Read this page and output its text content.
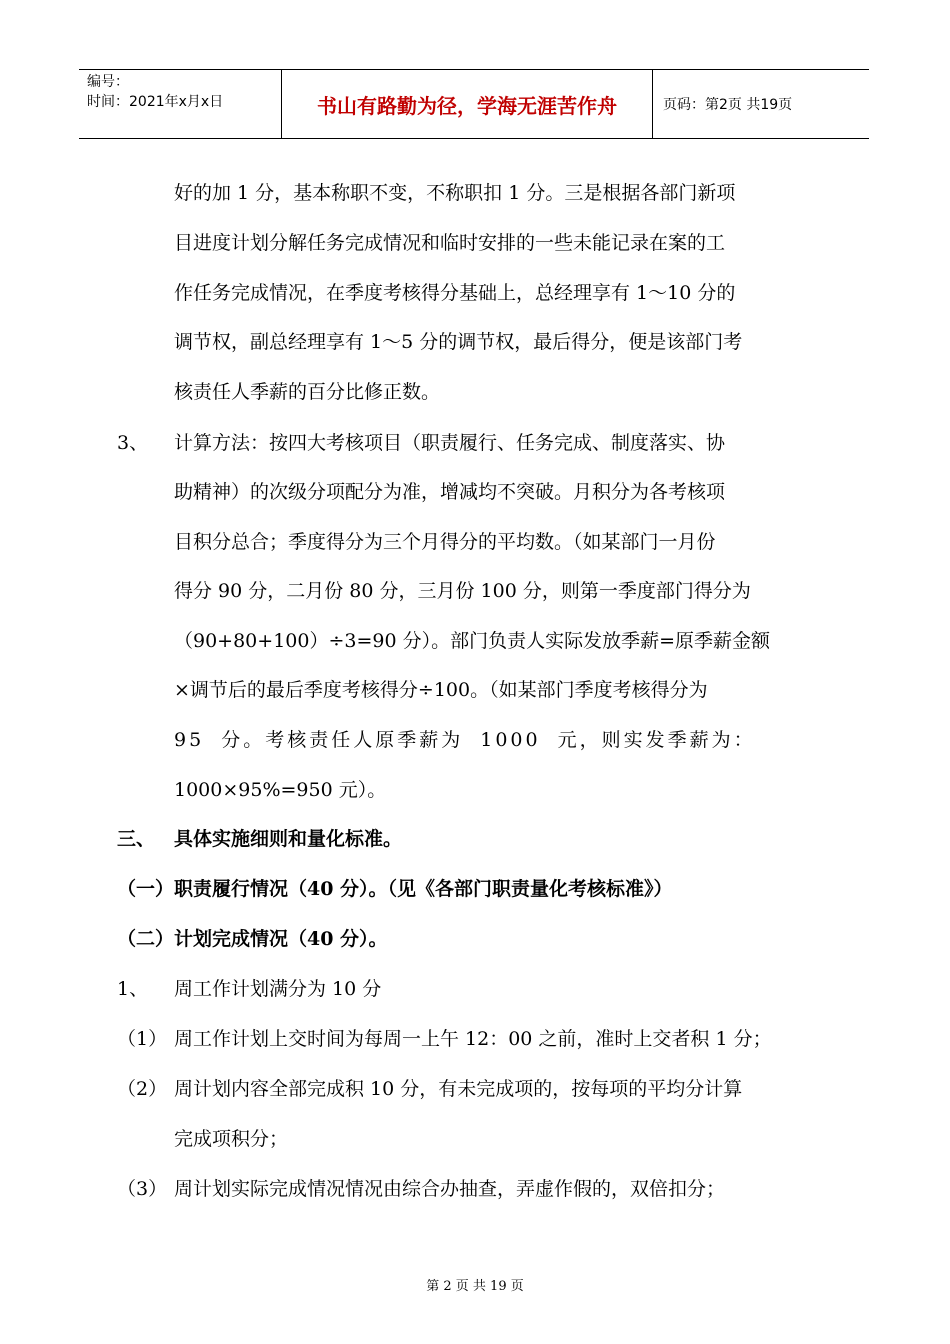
编号：
时间：2021年x月x日	书山有路勤为径，学海无涯苦作舟	页码：第2页 共19页
好的加 1 分，基本称职不变，不称职扣 1 分。三是根据各部门新项
目进度计划分解任务完成情况和临时安排的一些未能记录在案的工
作任务完成情况，在季度考核得分基础上，总经理享有 1～10 分的
调节权，副总经理享有 1～5 分的调节权，最后得分，便是该部门考
核责任人季薪的百分比修正数。
3、 计算方法：按四大考核项目（职责履行、任务完成、制度落实、协
助精神）的次级分项配分为准，增减均不突破。月积分为各考核项
目积分总合；季度得分为三个月得分的平均数。（如某部门一月份
得分 90 分，二月份 80 分，三月份 100 分，则第一季度部门得分为
（90+80+100）÷3=90 分）。部门负责人实际发放季薪=原季薪金额
×调节后的最后季度考核得分÷100。（如某部门季度考核得分为
95 分。考核责任人原季薪为 1000 元，则实发季薪为：
1000×95%=950 元）。
三、 具体实施细则和量化标准。
（一）职责履行情况（40 分）。（见《各部门职责量化考核标准》）
（二）计划完成情况（40 分）。
1、 周工作计划满分为 10 分
（1） 周工作计划上交时间为每周一上午 12：00 之前，准时上交者积 1 分；
（2） 周计划内容全部完成积 10 分，有未完成项的，按每项的平均分计算
完成项积分；
（3） 周计划实际完成情况情况由综合办抽查，弄虚作假的，双倍扣分；
第 2 页 共 19 页
